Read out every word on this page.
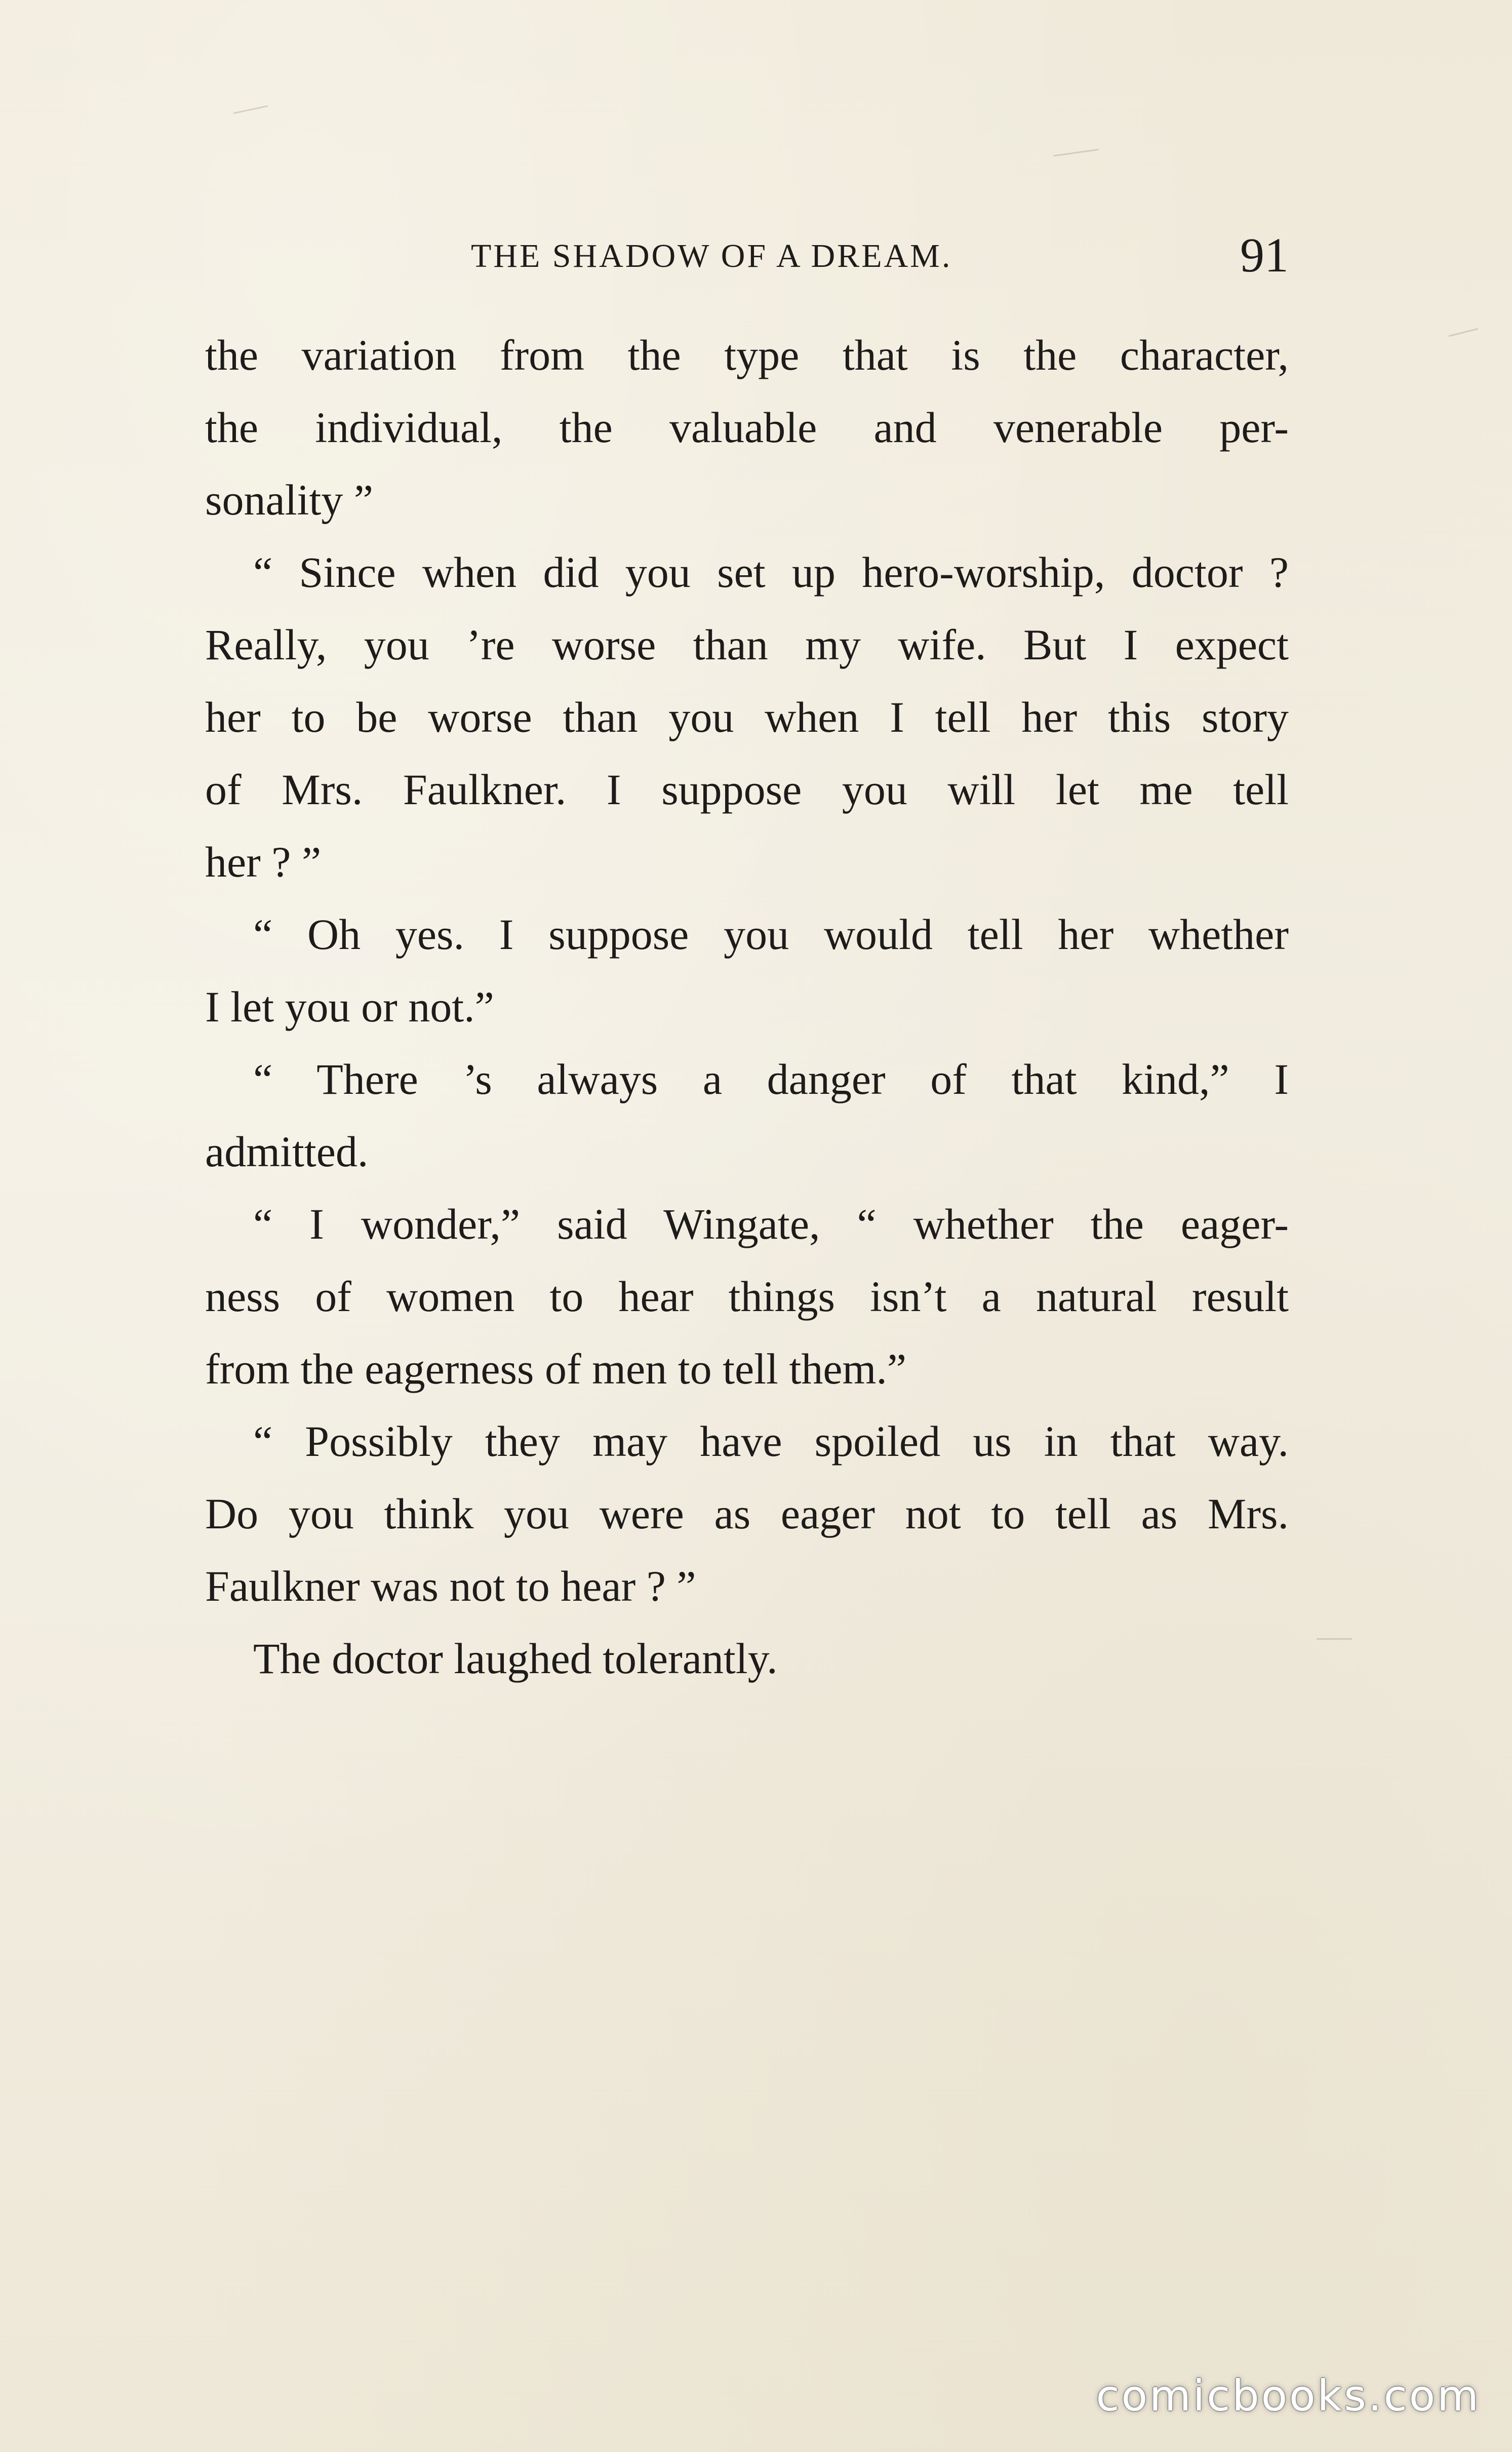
THE SHADOW OF A DREAM.	91
the variation from the type that is the character,
the individual, the valuable and venerable per-
sonality ”
“ Since when did you set up hero-worship, doctor ?
Really, you ’re worse than my wife. But I expect
her to be worse than you when I tell her this story
of Mrs. Faulkner. I suppose you will let me tell
her ? ”
“ Oh yes. I suppose you would tell her whether
I let you or not.”
“ There ’s always a danger of that kind,” I
admitted.
“ I wonder,” said Wingate, “ whether the eager-
ness of women to hear things isn’t a natural result
from the eagerness of men to tell them.”
“ Possibly they may have spoiled us in that way.
Do you think you were as eager not to tell as Mrs.
Faulkner was not to hear ? ”
The doctor laughed tolerantly.
comicbooks.com
